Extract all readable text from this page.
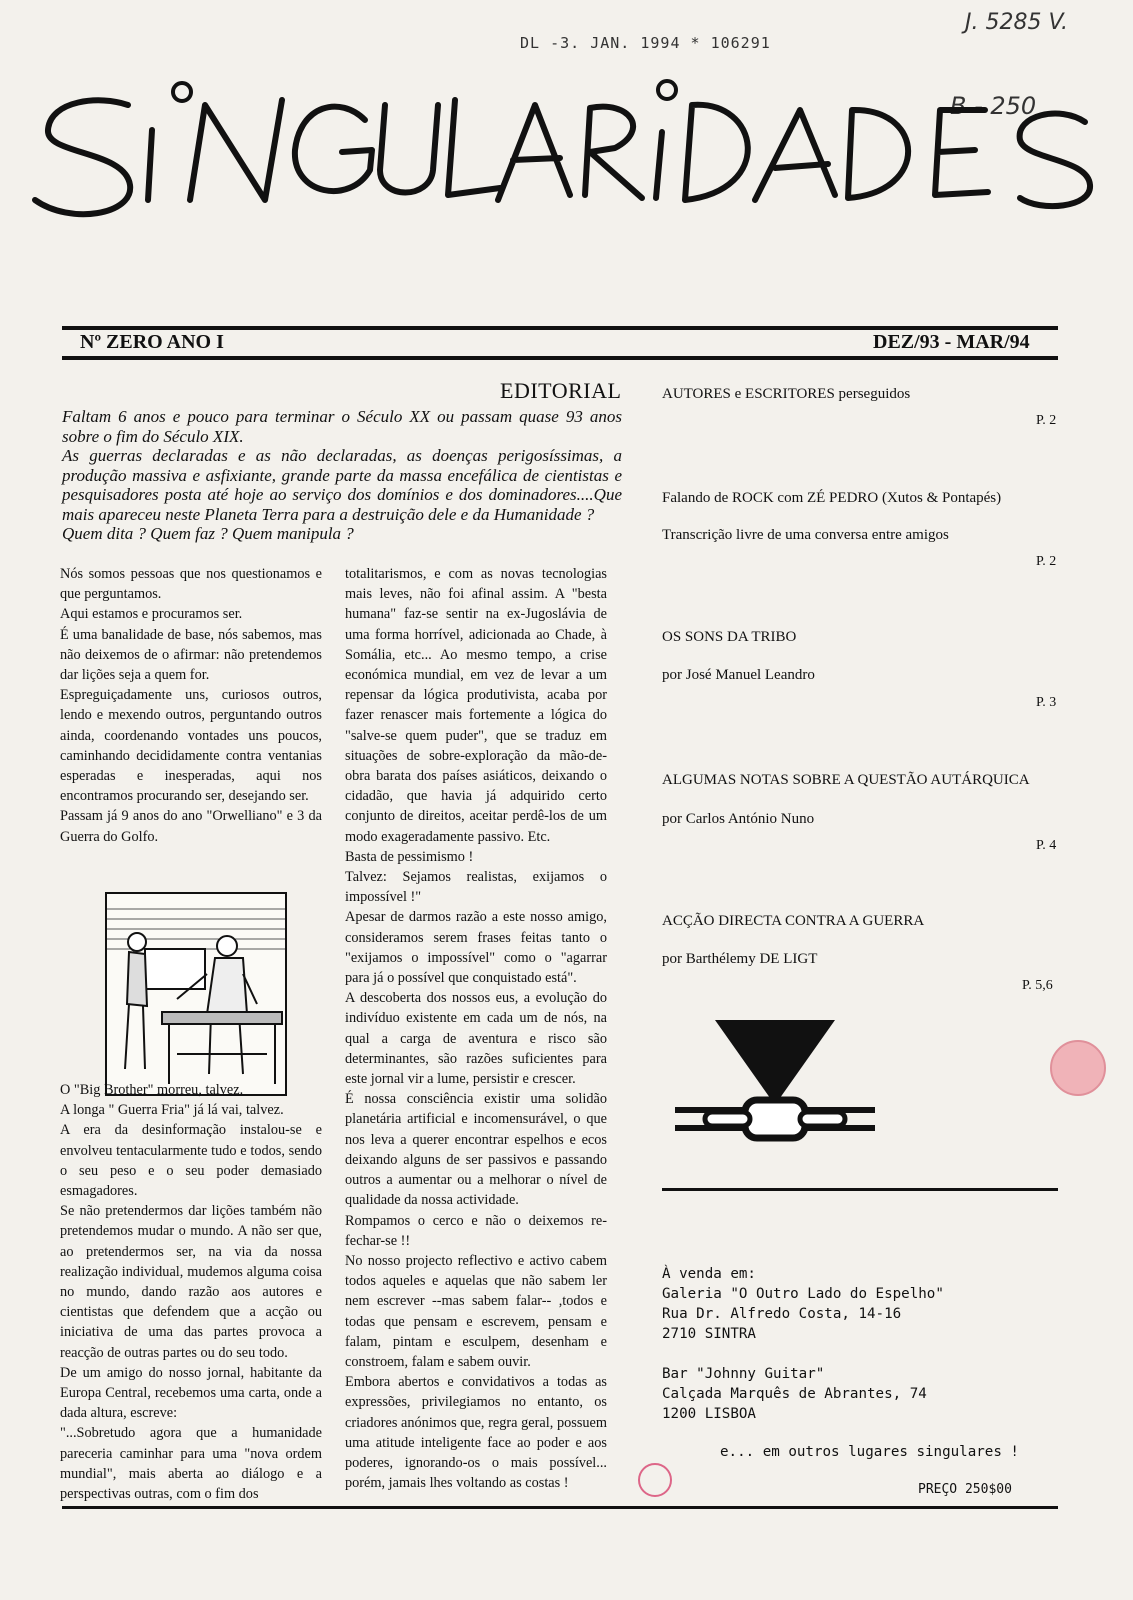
DL -3. JAN. 1994 * 106291
J. 5285 V.
B - 250
Nº ZERO ANO I	DEZ/93 - MAR/94
EDITORIAL

Faltam 6 anos e pouco para terminar o Século XX ou passam quase 93 anos sobre o fim do Século XIX.

As guerras declaradas e as não declaradas, as doenças perigosíssimas, a produção massiva e asfixiante, grande parte da massa encefálica de cientistas e pesquisadores posta até hoje ao serviço dos domínios e dos dominadores....Que mais apareceu neste Planeta Terra para a destruição dele e da Humanidade ?

Quem dita ? Quem faz ? Quem manipula ?

Nós somos pessoas que nos questionamos e que perguntamos.

Aqui estamos e procuramos ser.

É uma banalidade de base, nós sabemos, mas não deixemos de o afirmar: não pretendemos dar lições seja a quem for.

Espreguiçadamente uns, curiosos outros, lendo e mexendo outros, perguntando outros ainda, coordenando vontades uns poucos, caminhando decididamente contra ventanias esperadas e inesperadas, aqui nos encontramos procurando ser, desejando ser.

Passam já 9 anos do ano "Orwelliano" e 3 da Guerra do Golfo.

O "Big Brother" morreu, talvez.

A longa " Guerra Fria" já lá vai, talvez.

A era da desinformação instalou-se e envolveu tentacularmente tudo e todos, sendo o seu peso e o seu poder demasiado esmagadores.

Se não pretendermos dar lições também não pretendemos mudar o mundo. A não ser que, ao pretendermos ser, na via da nossa realização individual, mudemos alguma coisa no mundo, dando razão aos autores e cientistas que defendem que a acção ou iniciativa de uma das partes provoca a reacção de outras partes ou do seu todo.

De um amigo do nosso jornal, habitante da Europa Central, recebemos uma carta, onde a dada altura, escreve:

"...Sobretudo agora que a humanidade pareceria caminhar para uma "nova ordem mundial", mais aberta ao diálogo e a perspectivas outras, com o fim dos

totalitarismos, e com as novas tecnologias mais leves, não foi afinal assim. A "besta humana" faz-se sentir na ex-Jugoslávia de uma forma horrível, adicionada ao Chade, à Somália, etc... Ao mesmo tempo, a crise económica mundial, em vez de levar a um repensar da lógica produtivista, acaba por fazer renascer mais fortemente a lógica do "salve-se quem puder", que se traduz em situações de sobre-exploração da mão-de-obra barata dos países asiáticos, deixando o cidadão, que havia já adquirido certo conjunto de direitos, aceitar perdê-los de um modo exageradamente passivo. Etc.

Basta de pessimismo !

Talvez: Sejamos realistas, exijamos o impossível !"

Apesar de darmos razão a este nosso amigo, consideramos serem frases feitas tanto o "exijamos o impossível" como o "agarrar para já o possível que conquistado está".

A descoberta dos nossos eus, a evolução do indivíduo existente em cada um de nós, na qual a carga de aventura e risco são determinantes, são razões suficientes para este jornal vir a lume, persistir e crescer.

É nossa consciência existir uma solidão planetária artificial e incomensurável, o que nos leva a querer encontrar espelhos e ecos deixando alguns de ser passivos e passando outros a aumentar ou a melhorar o nível de qualidade da nossa actividade.

Rompamos o cerco e não o deixemos re-fechar-se !!

No nosso projecto reflectivo e activo cabem todos aqueles e aquelas que não sabem ler nem escrever --mas sabem falar-- ,todos e todas que pensam e escrevem, pensam e falam, pintam e esculpem, desenham e constroem, falam e sabem ouvir.

Embora abertos e convidativos a todas as expressões, privilegiamos no entanto, os criadores anónimos que, regra geral, possuem uma atitude inteligente face ao poder e aos poderes, ignorando-os o mais possível... porém, jamais lhes voltando as costas !

AUTORES e ESCRITORES perseguidos
P. 2
Falando de ROCK com ZÉ PEDRO (Xutos & Pontapés)
Transcrição livre de uma conversa entre amigos
P. 2
OS SONS DA TRIBO
por José Manuel Leandro
P. 3
ALGUMAS NOTAS SOBRE A QUESTÃO AUTÁRQUICA
por Carlos António Nuno
P. 4
ACÇÃO DIRECTA CONTRA A GUERRA
por Barthélemy DE LIGT
P. 5,6
À venda em:
Galeria "O Outro Lado do Espelho"
Rua Dr. Alfredo Costa, 14-16
2710 SINTRA
Bar "Johnny Guitar"
Calçada Marquês de Abrantes, 74
1200 LISBOA
e... em outros lugares singulares !
PREÇO 250$00
